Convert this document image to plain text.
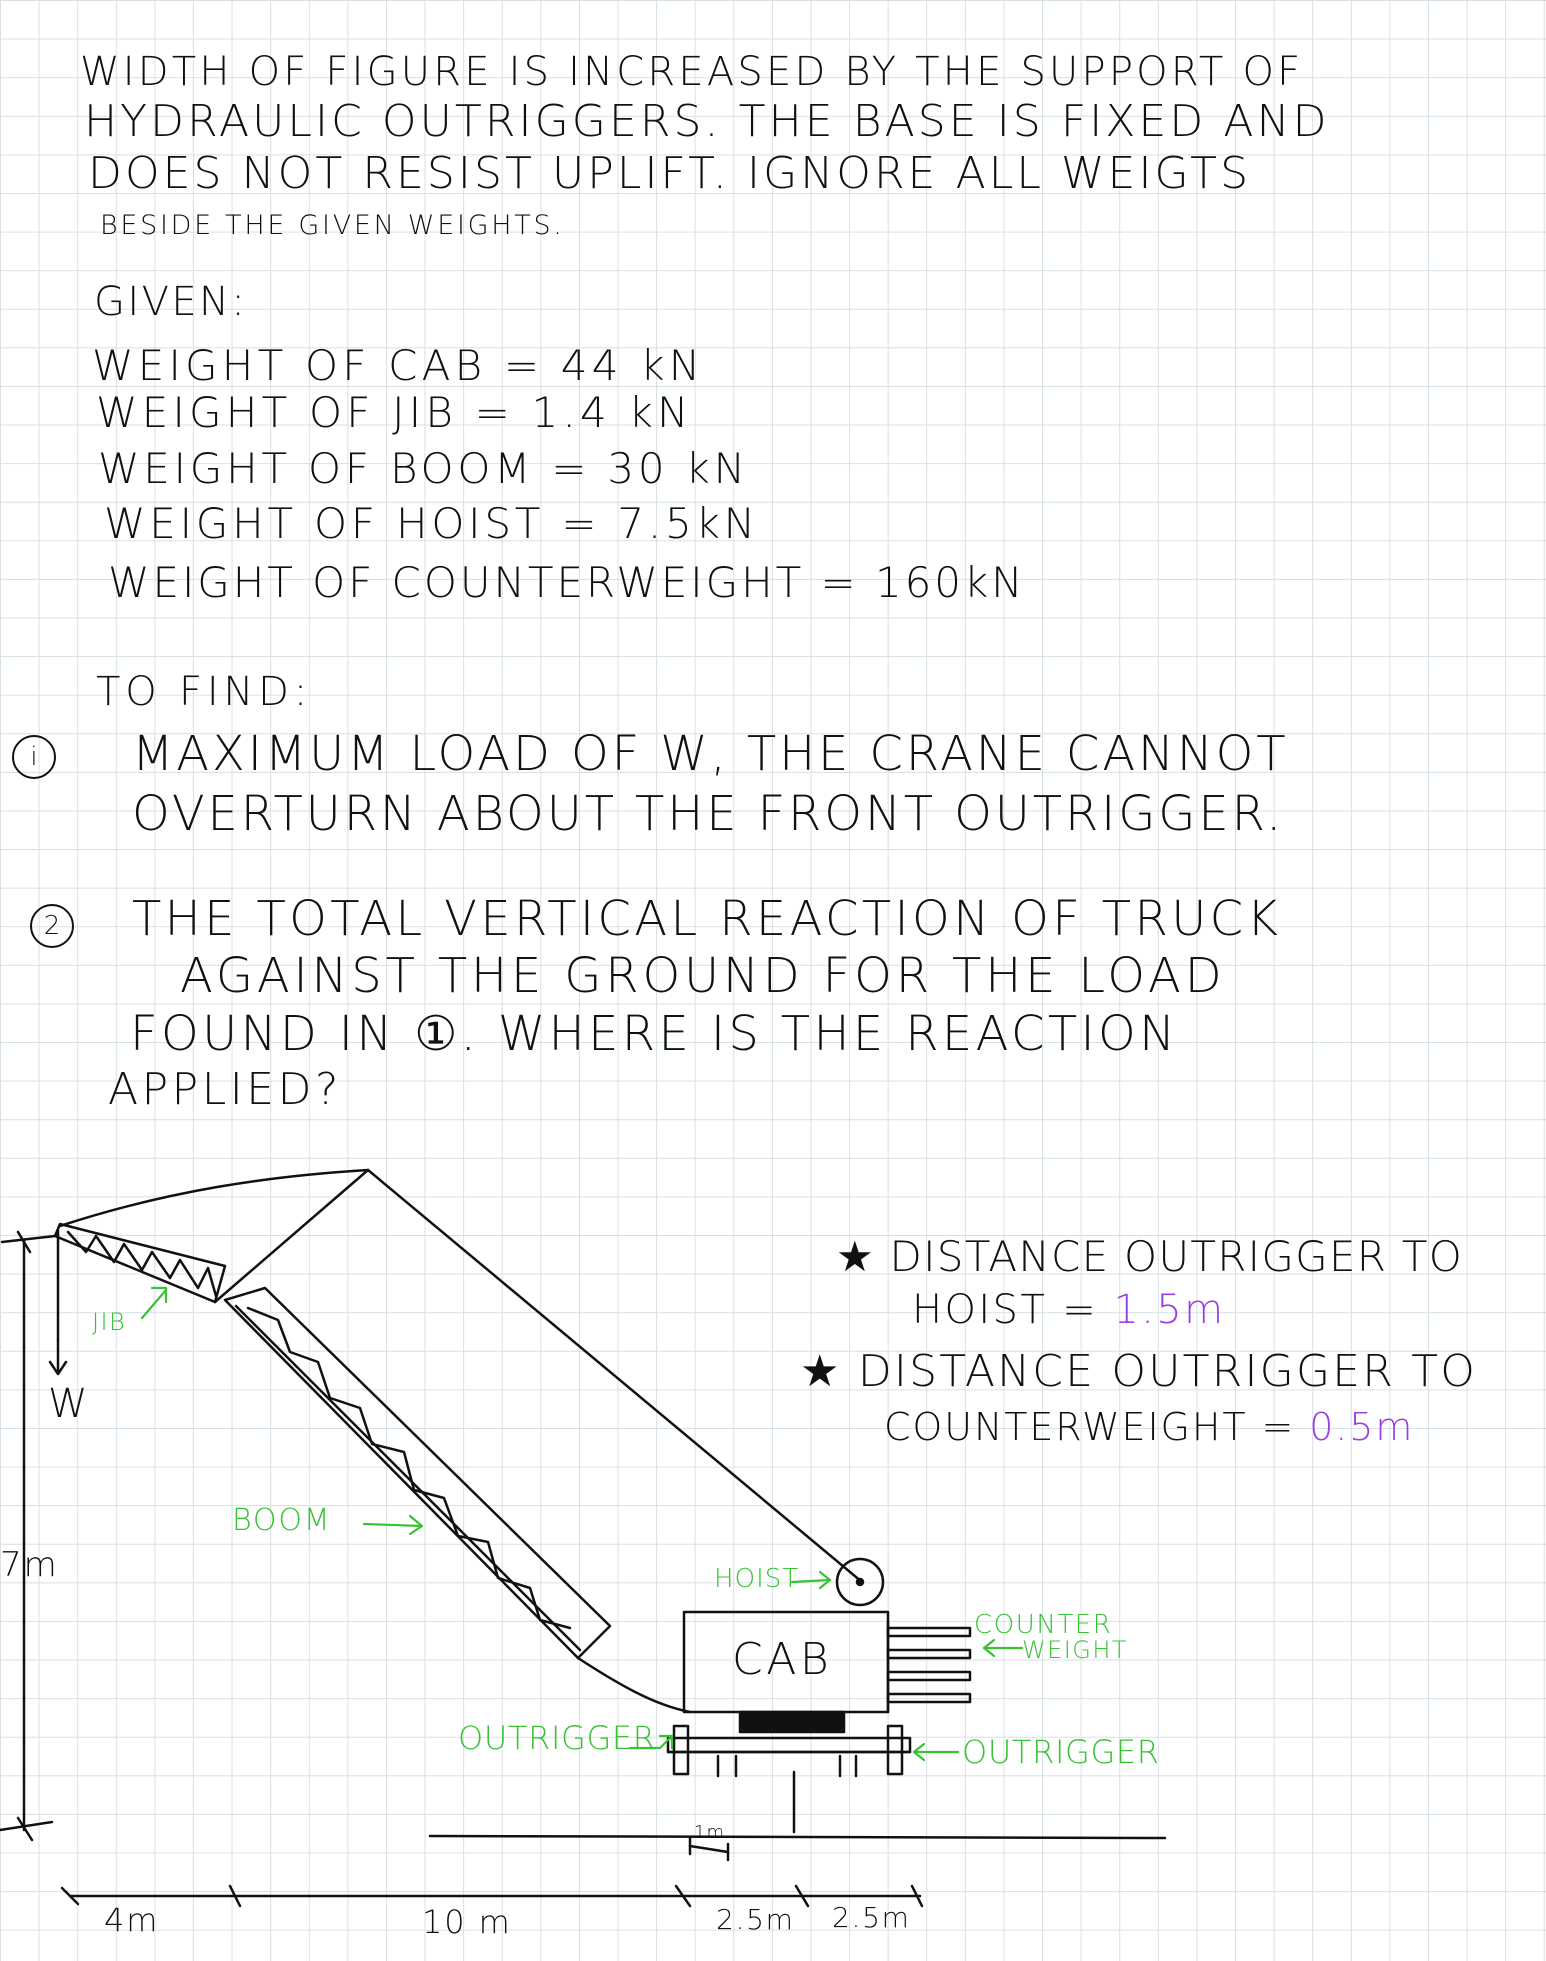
WIDTH OF FIGURE IS INCREASED BY THE SUPPORT OF
HYDRAULIC OUTRIGGERS. THE BASE IS FIXED AND
DOES NOT RESIST UPLIFT. IGNORE ALL WEIGTS
BESIDE THE GIVEN WEIGHTS.
GIVEN:
WEIGHT OF CAB = 44 kN
WEIGHT OF JIB = 1.4 kN
WEIGHT OF BOOM = 30 kN
WEIGHT OF HOIST = 7.5kN
WEIGHT OF COUNTERWEIGHT = 160kN
TO FIND:
i	MAXIMUM LOAD OF W, THE CRANE CANNOT
OVERTURN ABOUT THE FRONT OUTRIGGER.
2 THE TOTAL VERTICAL REACTION OF TRUCK
AGAINST THE GROUND FOR THE LOAD
FOUND IN ①. WHERE IS THE REACTION
APPLIED?
★ DISTANCE OUTRIGGER TO
HOIST = 1.5m
★ DISTANCE OUTRIGGER TO
COUNTERWEIGHT = 0.5m
JIB
W
BOOM
HOIST
CAB
COUNTER
WEIGHT
OUTRIGGER	OUTRIGGER
7m
4m	10 m
1m
2.5m 2.5m
